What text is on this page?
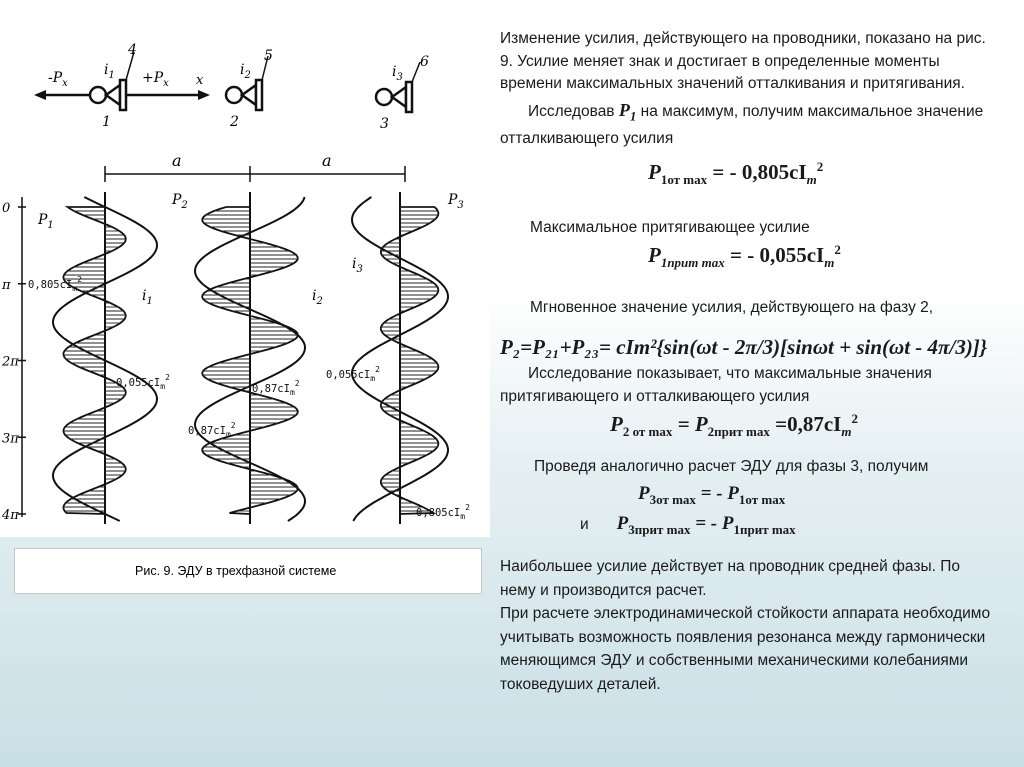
$-P_x$	$+P_x$ x
$i_1$
4
1
$i_2$
5
2
$i_3$
6
3
a	a
0
π
2π
3π
4π
$P_1$
$P_2$	$P_3$
$i_1$	$i_2$
$i_3$
$0,805cI_m^2$
$0,055cI_m^2$
$0,87cI_m^2$
$0,87cI_m^2$
$0,055cI_m^2$
$0,805cI_m^2$
Рис. 9. ЭДУ в трехфазной системе

Изменение усилия, действующего на проводники, показано на рис. 9. Усилие меняет знак и достигает в определенные моменты времени максимальных значений отталкивания и притягивания.

Исследовав $P_1$ на максимум, получим максимальное значение отталкивающего усилия

$P_{1от max}$ = - $0,805cI_m^2$

Максимальное притягивающее усилие

$P_{1прит max}$ = - $0,055cI_m^2$

Мгновенное значение усилия, действующего на фазу 2,

P₂=P₂₁+P₂₃= cIm²{sin(ωt - 2π/3)[sinωt + sin(ωt - 4π/3)]}

Исследование показывает, что максимальные значения притягивающего и отталкивающего усилия

$P_{2 от max} = P_{2прит max} =0,87cI_m^2$

Проведя аналогично расчет ЭДУ для фазы 3, получим

$P_{3от max}$ = - $P_{1от max}$
и $P_{3прит max}$ = - $P_{1прит max}$

Наибольшее усилие действует на проводник средней фазы. По нему и производится расчет.

При расчете электродинамической стойкости аппарата необходимо учитывать возможность появления резонанса между гармонически меняющимся ЭДУ и собственными механическими колебаниями токоведуших деталей.
